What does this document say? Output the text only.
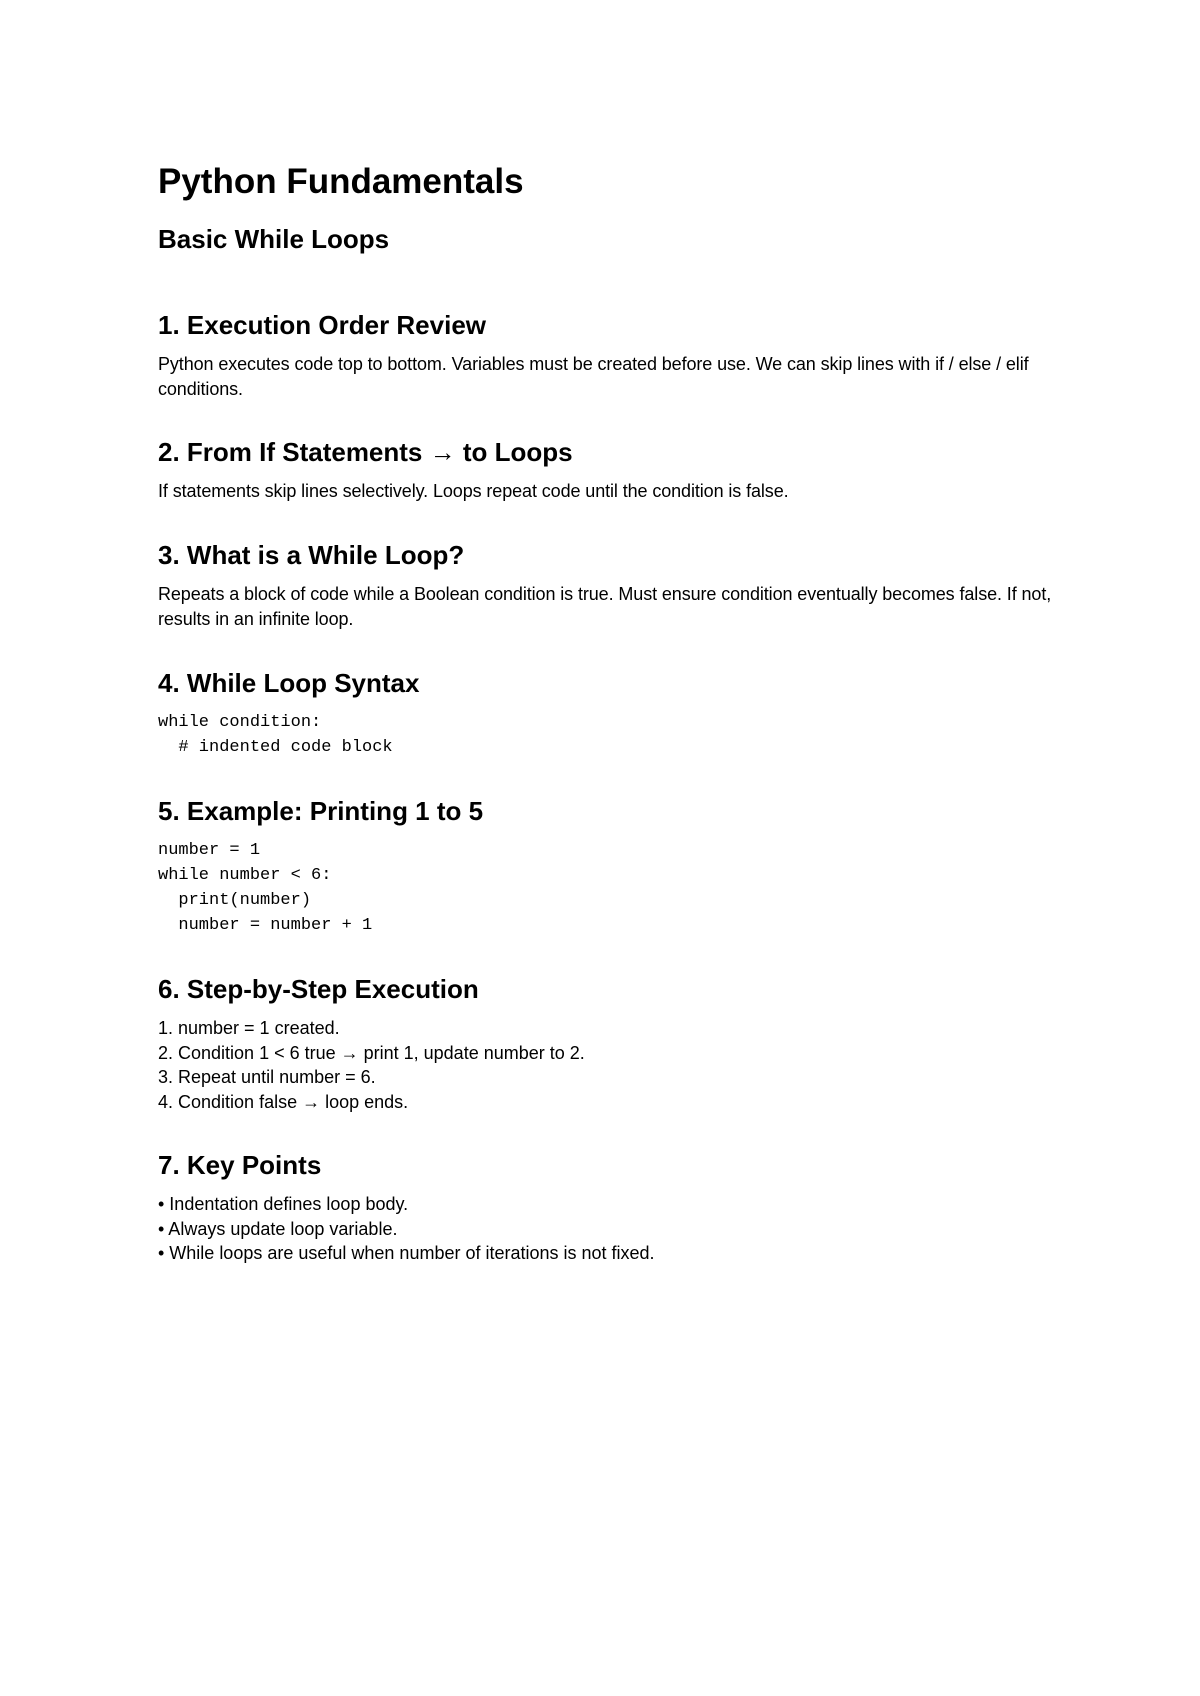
Python Fundamentals
Basic While Loops
1. Execution Order Review

Python executes code top to bottom. Variables must be created before use. We can skip lines with if / else / elif conditions.

2. From If Statements → to Loops

If statements skip lines selectively. Loops repeat code until the condition is false.

3. What is a While Loop?

Repeats a block of code while a Boolean condition is true. Must ensure condition eventually becomes false. If not, results in an infinite loop.

4. While Loop Syntax
while condition:
# indented code block
5. Example: Printing 1 to 5
number = 1
while number < 6:
print(number)
number = number + 1
6. Step-by-Step Execution
1. number = 1 created.
2. Condition 1 < 6 true → print 1, update number to 2.
3. Repeat until number = 6.
4. Condition false → loop ends.
7. Key Points
• Indentation defines loop body.
• Always update loop variable.
• While loops are useful when number of iterations is not fixed.
